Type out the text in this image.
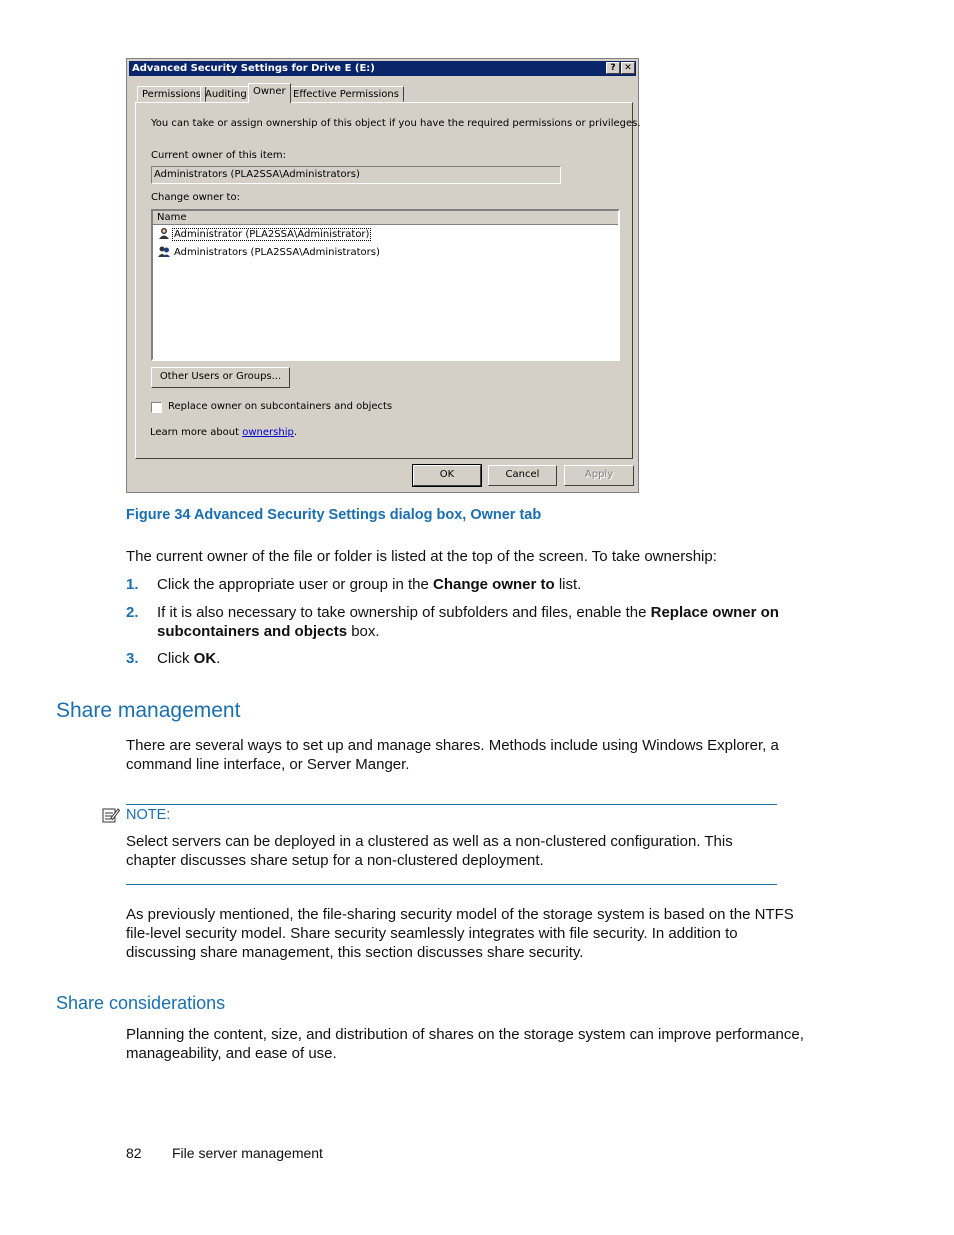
Advanced Security Settings for Drive E (E:)	? ✕
Permissions Auditing Owner Effective Permissions
You can take or assign ownership of this object if you have the required permissions or privileges.
Current owner of this item:
Administrators (PLA2SSA\Administrators)
Change owner to:
Name
Administrator (PLA2SSA\Administrator)
Administrators (PLA2SSA\Administrators)
Other Users or Groups...
Replace owner on subcontainers and objects
Learn more about ownership.
OK	Cancel	Apply
Figure 34 Advanced Security Settings dialog box, Owner tab
The current owner of the file or folder is listed at the top of the screen. To take ownership:
1. Click the appropriate user or group in the Change owner to list.
2. If it is also necessary to take ownership of subfolders and files, enable the Replace owner on subcontainers and objects box.
3. Click OK.
Share management
There are several ways to set up and manage shares. Methods include using Windows Explorer, a command line interface, or Server Manger.
NOTE:
Select servers can be deployed in a clustered as well as a non-clustered configuration. This chapter discusses share setup for a non-clustered deployment.
As previously mentioned, the file-sharing security model of the storage system is based on the NTFS file-level security model. Share security seamlessly integrates with file security. In addition to discussing share management, this section discusses share security.
Share considerations
Planning the content, size, and distribution of shares on the storage system can improve performance, manageability, and ease of use.
82 File server management
